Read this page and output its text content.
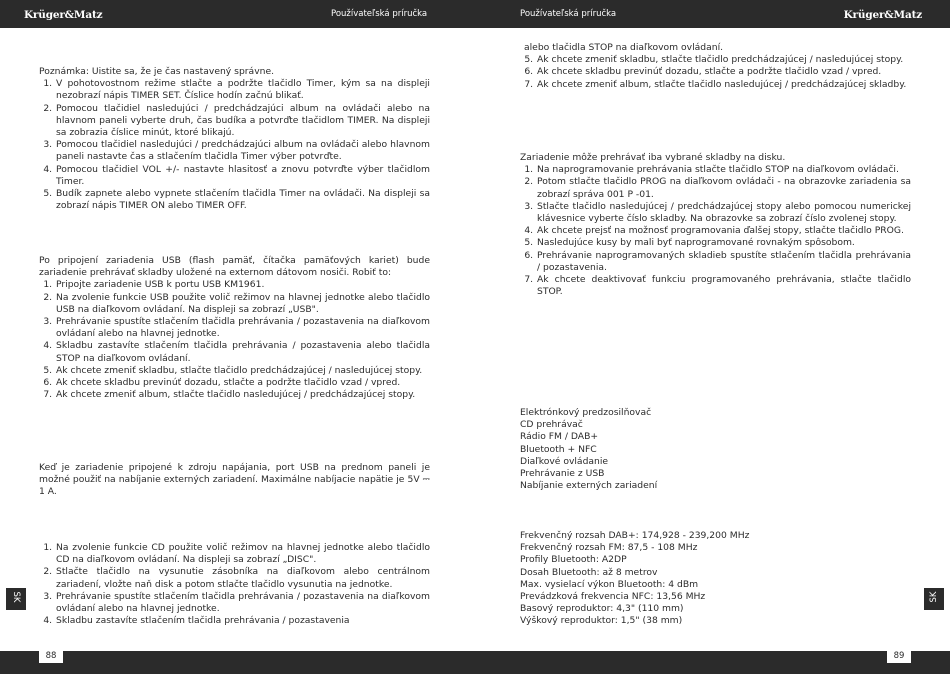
Krüger&Matz	Používateľská príručka	Používateľská príručka	Krüger&Matz

Poznámka: Uistite sa, že je čas nastavený správne.

1. V pohotovostnom režime stlačte a podržte tlačidlo Timer, kým sa na displeji nezobrazí nápis TIMER SET. Číslice hodín začnú blikať.
2. Pomocou tlačidiel nasledujúci / predchádzajúci album na ovládači alebo na hlavnom paneli vyberte druh, čas budíka a potvrďte tlačidlom TIMER. Na displeji sa zobrazia číslice minút, ktoré blikajú.
3. Pomocou tlačidiel nasledujúci / predchádzajúci album na ovládači alebo hlavnom paneli nastavte čas a stlačením tlačidla Timer výber potvrďte.
4. Pomocou tlačidiel VOL +/- nastavte hlasitosť a znovu potvrďte výber tlačidlom Timer.
5. Budík zapnete alebo vypnete stlačením tlačidla Timer na ovládači. Na displeji sa zobrazí nápis TIMER ON alebo TIMER OFF.

Po pripojení zariadenia USB (flash pamäť, čítačka pamäťových kariet) bude zariadenie prehrávať skladby uložené na externom dátovom nosiči. Robiť to:

1. Pripojte zariadenie USB k portu USB KM1961.
2. Na zvolenie funkcie USB použite volič režimov na hlavnej jednotke alebo tlačidlo USB na diaľkovom ovládaní. Na displeji sa zobrazí „USB".
3. Prehrávanie spustíte stlačením tlačidla prehrávania / pozastavenia na diaľkovom ovládaní alebo na hlavnej jednotke.
4. Skladbu zastavíte stlačením tlačidla prehrávania / pozastavenia alebo tlačidla STOP na diaľkovom ovládaní.
5. Ak chcete zmeniť skladbu, stlačte tlačidlo predchádzajúcej / nasledujúcej stopy.
6. Ak chcete skladbu previnúť dozadu, stlačte a podržte tlačidlo vzad / vpred.
7. Ak chcete zmeniť album, stlačte tlačidlo nasledujúcej / predchádzajúcej stopy.

Keď je zariadenie pripojené k zdroju napájania, port USB na prednom paneli je možné použiť na nabíjanie externých zariadení. Maximálne nabíjacie napätie je 5V ⎓ 1 A.

1. Na zvolenie funkcie CD použite volič režimov na hlavnej jednotke alebo tlačidlo CD na diaľkovom ovládaní. Na displeji sa zobrazí „DISC".
2. Stlačte tlačidlo na vysunutie zásobníka na diaľkovom alebo centrálnom zariadení, vložte naň disk a potom stlačte tlačidlo vysunutia na jednotke.
3. Prehrávanie spustíte stlačením tlačidla prehrávania / pozastavenia na diaľkovom ovládaní alebo na hlavnej jednotke.
4. Skladbu zastavíte stlačením tlačidla prehrávania / pozastavenia

alebo tlačidla STOP na diaľkovom ovládaní.

5. Ak chcete zmeniť skladbu, stlačte tlačidlo predchádzajúcej / nasledujúcej stopy.
6. Ak chcete skladbu previnúť dozadu, stlačte a podržte tlačidlo vzad / vpred.
7. Ak chcete zmeniť album, stlačte tlačidlo nasledujúcej / predchádzajúcej skladby.

Zariadenie môže prehrávať iba vybrané skladby na disku.

1. Na naprogramovanie prehrávania stlačte tlačidlo STOP na diaľkovom ovládači.
2. Potom stlačte tlačidlo PROG na diaľkovom ovládači - na obrazovke zariadenia sa zobrazí správa 001 P -01.
3. Stlačte tlačidlo nasledujúcej / predchádzajúcej stopy alebo pomocou numerickej klávesnice vyberte číslo skladby. Na obrazovke sa zobrazí číslo zvolenej stopy.
4. Ak chcete prejsť na možnosť programovania ďalšej stopy, stlačte tlačidlo PROG.
5. Nasledujúce kusy by mali byť naprogramované rovnakým spôsobom.
6. Prehrávanie naprogramovaných skladieb spustíte stlačením tlačidla prehrávania / pozastavenia.
7. Ak chcete deaktivovať funkciu programovaného prehrávania, stlačte tlačidlo STOP.
Elektrónkový predzosilňovač
CD prehrávač
Rádio FM / DAB+
Bluetooth + NFC
Diaľkové ovládanie
Prehrávanie z USB
Nabíjanie externých zariadení
Frekvenčný rozsah DAB+: 174,928 - 239,200 MHz
Frekvenčný rozsah FM: 87,5 - 108 MHz
Profily Bluetooth: A2DP
Dosah Bluetooth: až 8 metrov
Max. vysielací výkon Bluetooth: 4 dBm
Prevádzková frekvencia NFC: 13,56 MHz
Basový reproduktor: 4,3" (110 mm)
Výškový reproduktor: 1,5" (38 mm)
SK	SK
88	89
